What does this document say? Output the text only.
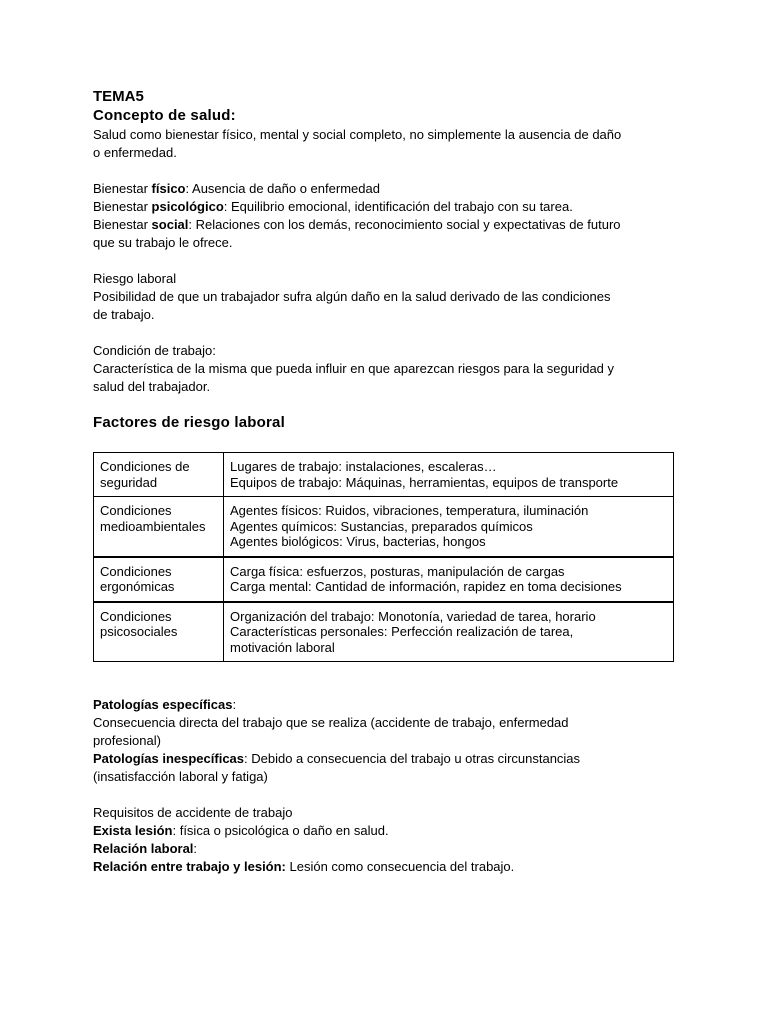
TEMA5
Concepto de salud:

Salud como bienestar físico, mental y social completo, no simplemente la ausencia de daño
o enfermedad.

Bienestar físico: Ausencia de daño o enfermedad

Bienestar psicológico: Equilibrio emocional, identificación del trabajo con su tarea.

Bienestar social: Relaciones con los demás, reconocimiento social y expectativas de futuro
que su trabajo le ofrece.

Riesgo laboral

Posibilidad de que un trabajador sufra algún daño en la salud derivado de las condiciones
de trabajo.

Condición de trabajo:

Característica de la misma que pueda influir en que aparezcan riesgos para la seguridad y
salud del trabajador.

Factores de riesgo laboral
Condiciones de
seguridad	Lugares de trabajo: instalaciones, escaleras…
Equipos de trabajo: Máquinas, herramientas, equipos de transporte

Condiciones
medioambientales	Agentes físicos: Ruidos, vibraciones, temperatura, iluminación
Agentes químicos: Sustancias, preparados químicos
Agentes biológicos: Virus, bacterias, hongos

Condiciones
ergonómicas	Carga física: esfuerzos, posturas, manipulación de cargas
Carga mental: Cantidad de información, rapidez en toma decisiones

Condiciones
psicosociales	Organización del trabajo: Monotonía, variedad de tarea, horario
Características personales: Perfección realización de tarea,
motivación laboral

Patologías específicas:

Consecuencia directa del trabajo que se realiza (accidente de trabajo, enfermedad
profesional)

Patologías inespecíficas: Debido a consecuencia del trabajo u otras circunstancias
(insatisfacción laboral y fatiga)

Requisitos de accidente de trabajo

Exista lesión: física o psicológica o daño en salud.

Relación laboral:

Relación entre trabajo y lesión: Lesión como consecuencia del trabajo.
